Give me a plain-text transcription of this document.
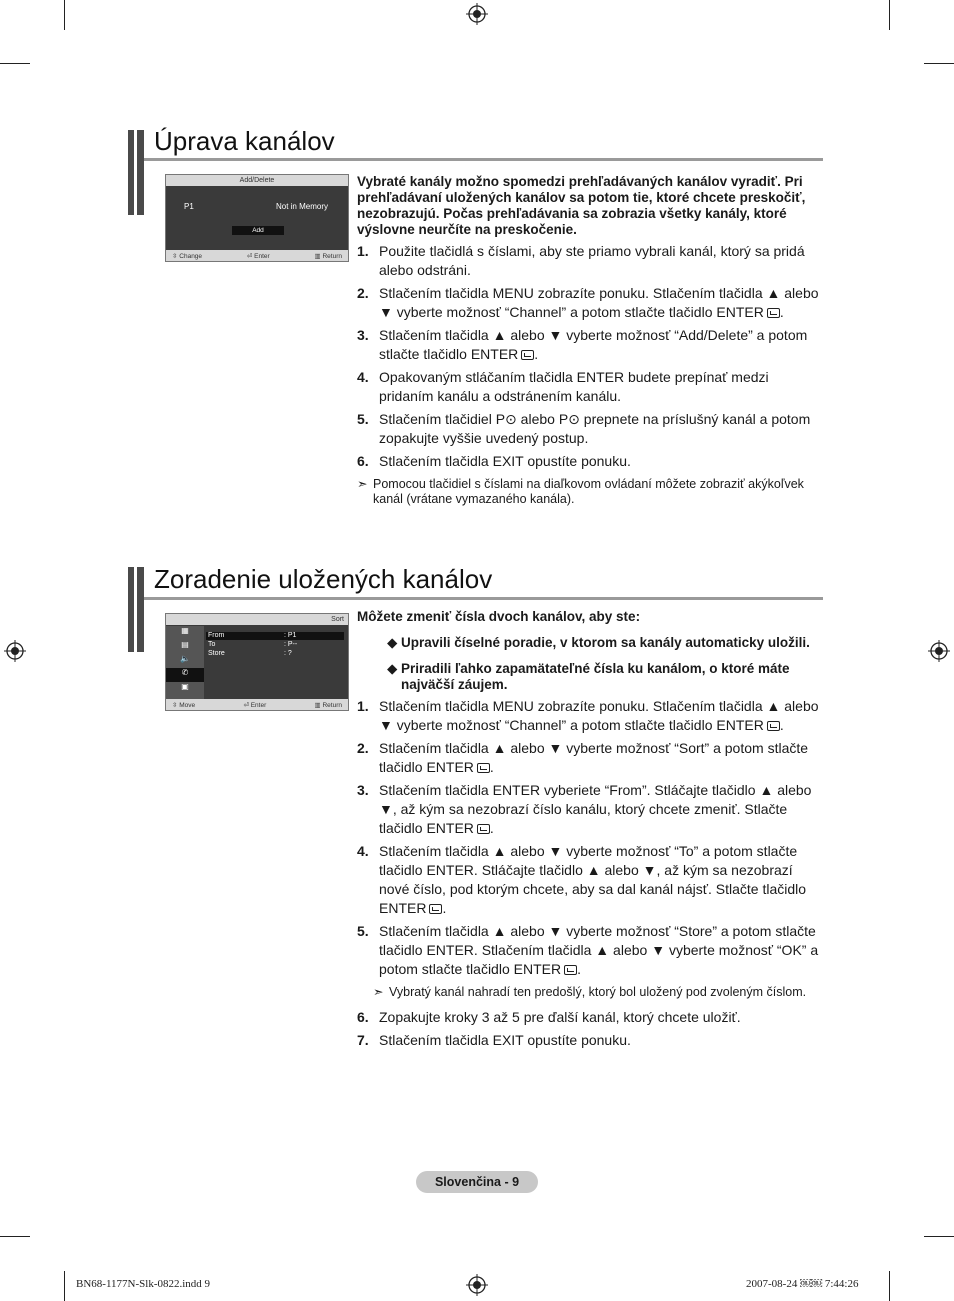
Úprava kanálov
Add/Delete
P1	Not in Memory
Add
⇳ Change	⏎ Enter	▥ Return

Vybraté kanály možno spomedzi prehľadávaných kanálov vyradiť. Pri prehľadávaní uložených kanálov sa potom tie, ktoré chcete preskočiť, nezobrazujú. Počas prehľadávania sa zobrazia všetky kanály, ktoré výslovne neurčíte na preskočenie.

1. Použite tlačidlá s číslami, aby ste priamo vybrali kanál, ktorý sa pridá alebo odstráni.
2. Stlačením tlačidla MENU zobrazíte ponuku. Stlačením tlačidla ▲ alebo ▼ vyberte možnosť “Channel” a potom stlačte tlačidlo ENTER .
3. Stlačením tlačidla ▲ alebo ▼ vyberte možnosť “Add/Delete” a potom stlačte tlačidlo ENTER .
4. Opakovaným stláčaním tlačidla ENTER budete prepínať medzi pridaním kanálu a odstránením kanálu.
5. Stlačením tlačidiel P⊙ alebo P⊙ prepnete na príslušný kanál a potom zopakujte vyššie uvedený postup.
6. Stlačením tlačidla EXIT opustíte ponuku.
➣ Pomocou tlačidiel s číslami na diaľkovom ovládaní môžete zobraziť akýkoľvek kanál (vrátane vymazaného kanála).
Zoradenie uložených kanálov
Sort
▦
▤
🔈
✆
▣
From	: P1
To	: P--
Store	: ?
⇳ Move	⏎ Enter	▥ Return

Môžete zmeniť čísla dvoch kanálov, aby ste:

◆ Upravili číselné poradie, v ktorom sa kanály automaticky uložili.
◆ Priradili ľahko zapamätateľné čísla ku kanálom, o ktoré máte najväčší záujem.
1. Stlačením tlačidla MENU zobrazíte ponuku. Stlačením tlačidla ▲ alebo ▼ vyberte možnosť “Channel” a potom stlačte tlačidlo ENTER .
2. Stlačením tlačidla ▲ alebo ▼ vyberte možnosť “Sort” a potom stlačte tlačidlo ENTER .
3. Stlačením tlačidla ENTER vyberiete “From”. Stláčajte tlačidlo ▲ alebo ▼, až kým sa nezobrazí číslo kanálu, ktorý chcete zmeniť. Stlačte tlačidlo ENTER .
4. Stlačením tlačidla ▲ alebo ▼ vyberte možnosť “To” a potom stlačte tlačidlo ENTER. Stláčajte tlačidlo ▲ alebo ▼, až kým sa nezobrazí nové číslo, pod ktorým chcete, aby sa dal kanál nájsť. Stlačte tlačidlo ENTER .
5. Stlačením tlačidla ▲ alebo ▼ vyberte možnosť “Store” a potom stlačte tlačidlo ENTER. Stlačením tlačidla ▲ alebo ▼ vyberte možnosť “OK” a potom stlačte tlačidlo ENTER .
➣ Vybratý kanál nahradí ten predošlý, ktorý bol uložený pod zvoleným číslom.
6. Zopakujte kroky 3 až 5 pre ďalší kanál, ktorý chcete uložiť.
7. Stlačením tlačidla EXIT opustíte ponuku.
Slovenčina - 9
BN68-1177N-Slk-0822.indd 9	2007-08-24 ￼￼ 7:44:26
